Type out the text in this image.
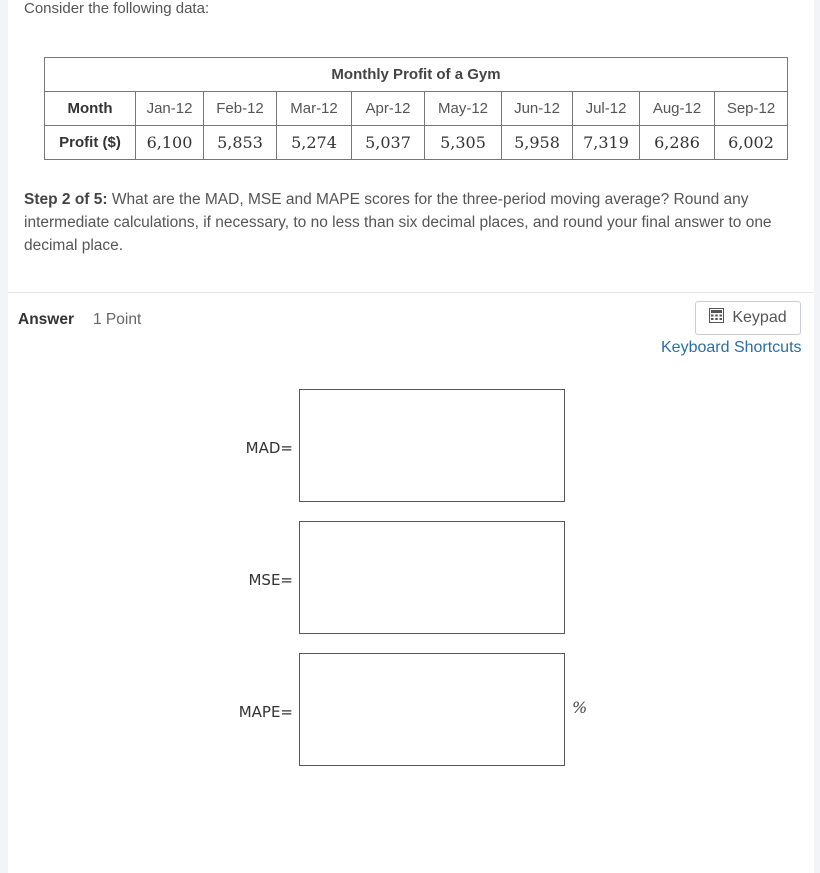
Consider the following data:
Monthly Profit of a Gym									
Month	Jan-12	Feb-12	Mar-12	Apr-12	May-12	Jun-12	Jul-12	Aug-12	Sep-12
Profit ($)	6,100	5,853	5,274	5,037	5,305	5,958	7,319	6,286	6,002
Step 2 of 5: What are the MAD, MSE and MAPE scores for the three-period moving average? Round any intermediate calculations, if necessary, to no less than six decimal places, and round your final answer to one decimal place.
Answer 1 Point	Keypad
Keyboard Shortcuts
MAD=
MSE=
MAPE=	%
